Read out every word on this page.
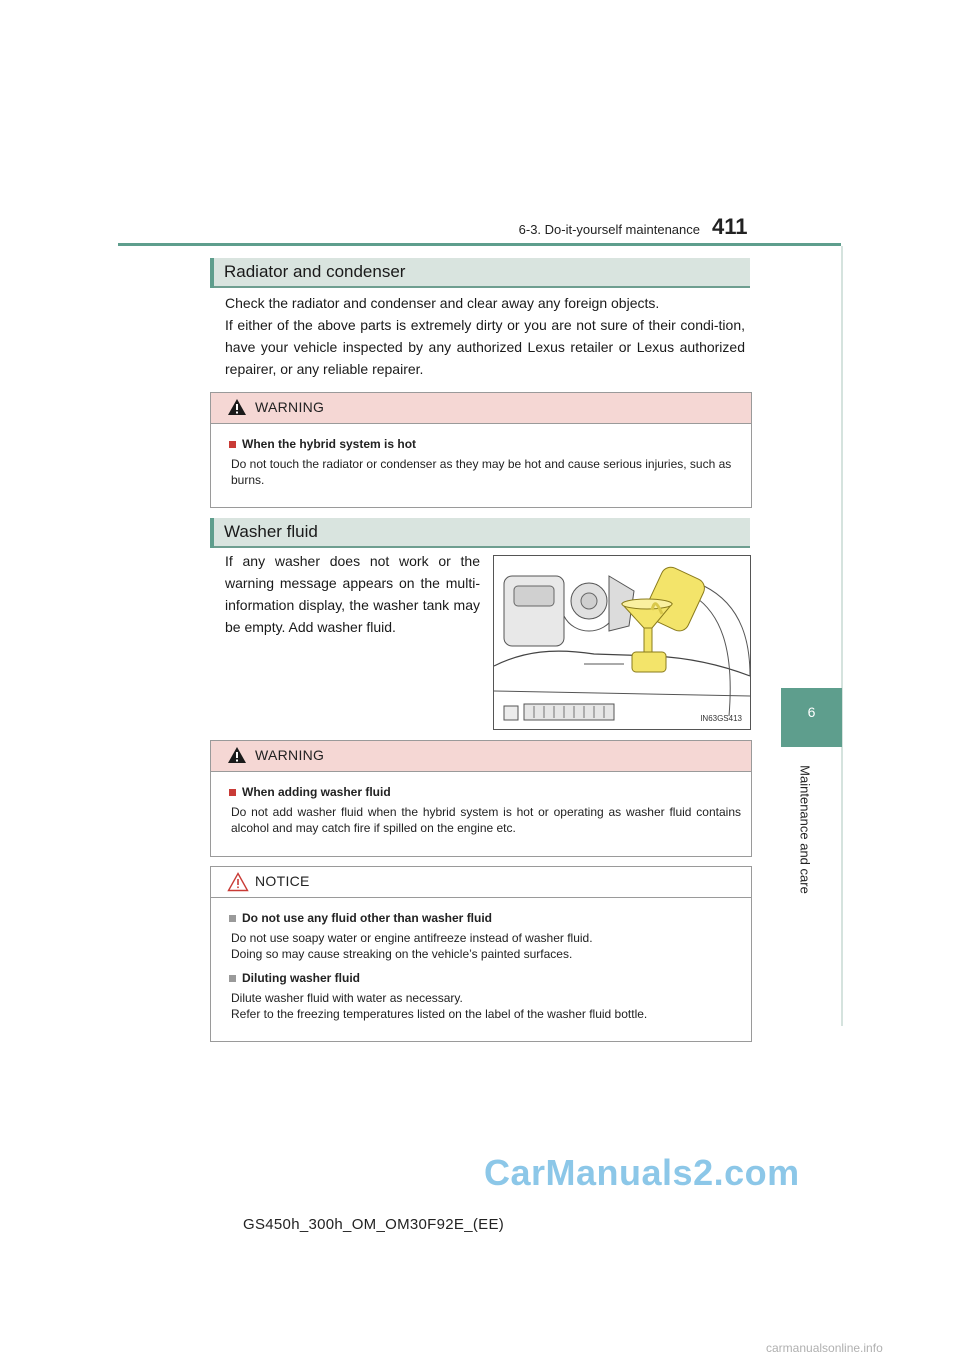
6-3. Do-it-yourself maintenance 411
6
Maintenance and care
Radiator and condenser

Check the radiator and condenser and clear away any foreign objects.

If either of the above parts is extremely dirty or you are not sure of their condi-tion, have your vehicle inspected by any authorized Lexus retailer or Lexus authorized repairer, or any reliable repairer.

WARNING
When the hybrid system is hot
Do not touch the radiator or condenser as they may be hot and cause serious injuries, such as burns.
Washer fluid

If any washer does not work or the warning message appears on the multi-information display, the washer tank may be empty. Add washer fluid.

IN63GS413
WARNING
When adding washer fluid
Do not add washer fluid when the hybrid system is hot or operating as washer fluid contains alcohol and may catch fire if spilled on the engine etc.
NOTICE
Do not use any fluid other than washer fluid
Do not use soapy water or engine antifreeze instead of washer fluid.
Doing so may cause streaking on the vehicle’s painted surfaces.
Diluting washer fluid
Dilute washer fluid with water as necessary.
Refer to the freezing temperatures listed on the label of the washer fluid bottle.
GS450h_300h_OM_OM30F92E_(EE)
CarManuals2.com
carmanualsonline.info
